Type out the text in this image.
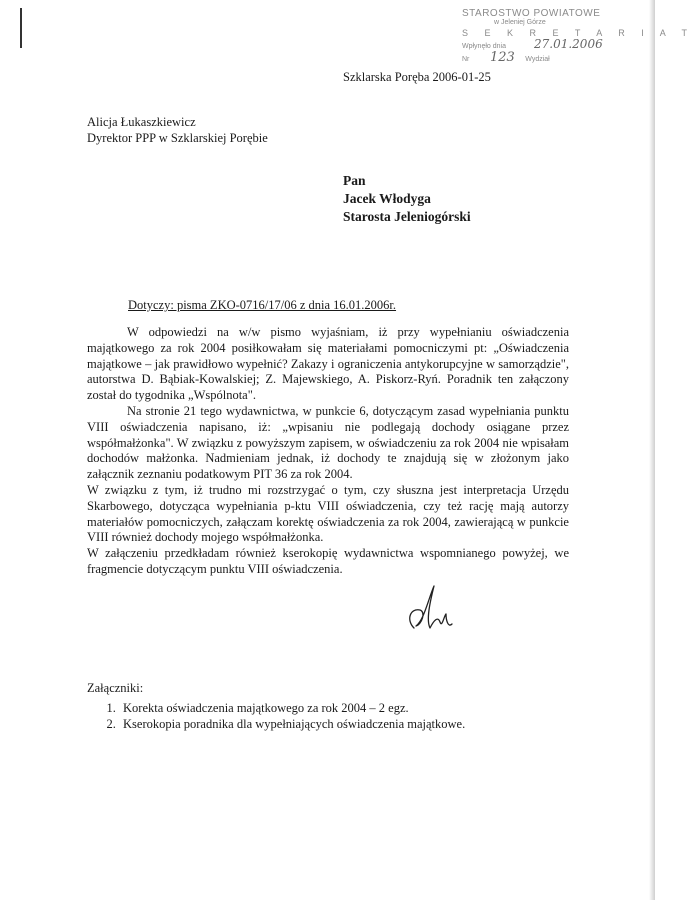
STAROSTWO POWIATOWE
w Jeleniej Górze
S E K R E T A R I A T
Wpłynęło dnia 27.01.2006
Nr	Wydział
123
Szklarska Poręba 2006-01-25
Alicja Łukaszkiewicz
Dyrektor PPP w Szklarskiej Porębie
Pan
Jacek Włodyga
Starosta Jeleniogórski
Dotyczy: pisma ZKO-0716/17/06 z dnia 16.01.2006r.

W odpowiedzi na w/w pismo wyjaśniam, iż przy wypełnianiu oświadczenia majątkowego za rok 2004 posiłkowałam się materiałami pomocniczymi pt: „Oświadczenia majątkowe – jak prawidłowo wypełnić? Zakazy i ograniczenia antykorupcyjne w samorządzie", autorstwa D. Bąbiak-Kowalskiej; Z. Majewskiego, A. Piskorz-Ryń. Poradnik ten załączony został do tygodnika „Wspólnota".

Na stronie 21 tego wydawnictwa, w punkcie 6, dotyczącym zasad wypełniania punktu VIII oświadczenia napisano, iż: „wpisaniu nie podlegają dochody osiągane przez współmałżonka". W związku z powyższym zapisem, w oświadczeniu za rok 2004 nie wpisałam dochodów małżonka. Nadmieniam jednak, iż dochody te znajdują się w złożonym jako załącznik zeznaniu podatkowym PIT 36 za rok 2004.

W związku z tym, iż trudno mi rozstrzygać o tym, czy słuszna jest interpretacja Urzędu Skarbowego, dotycząca wypełniania p-ktu VIII oświadczenia, czy też rację mają autorzy materiałów pomocniczych, załączam korektę oświadczenia za rok 2004, zawierającą w punkcie VIII również dochody mojego współmałżonka.

W załączeniu przedkładam również kserokopię wydawnictwa wspomnianego powyżej, we fragmencie dotyczącym punktu VIII oświadczenia.

Załączniki:
1. Korekta oświadczenia majątkowego za rok 2004 – 2 egz.
2. Kserokopia poradnika dla wypełniających oświadczenia majątkowe.
